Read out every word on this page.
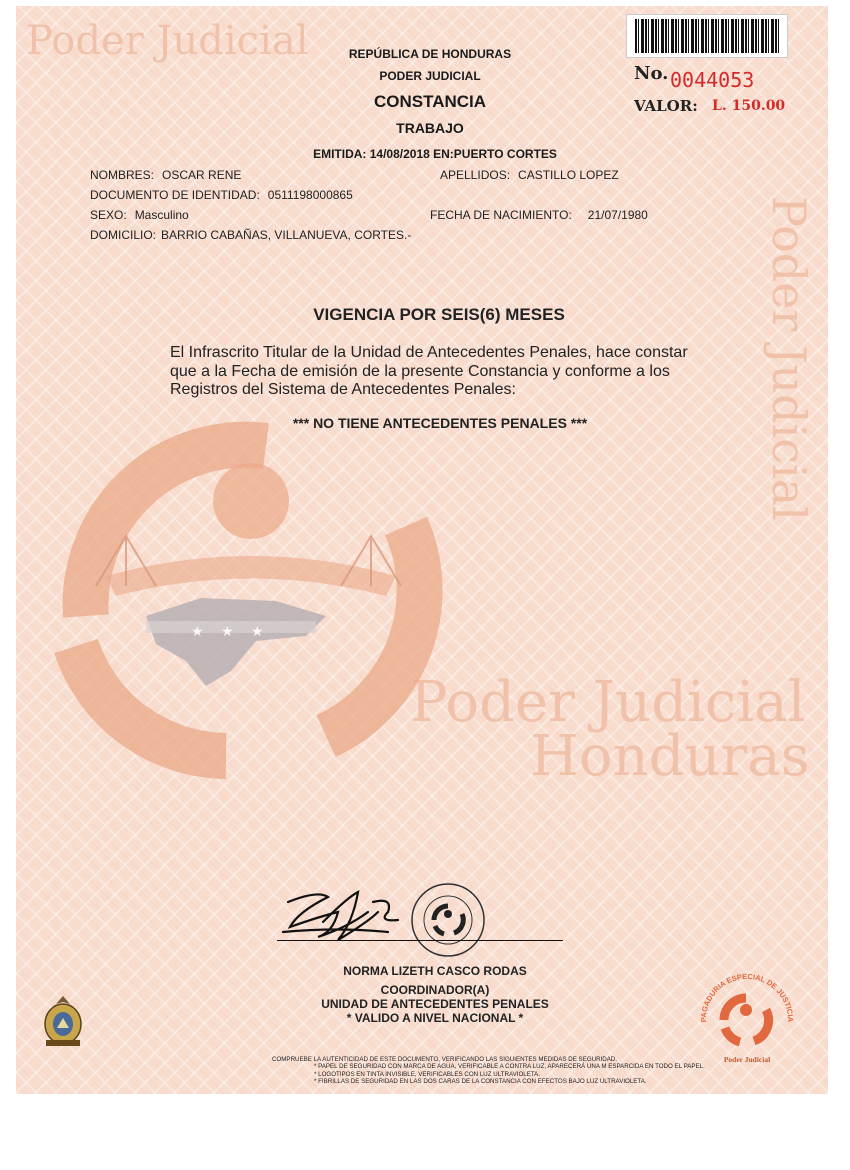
Poder Judicial
Poder Judicial
Poder Judicial
Honduras
★ ★ ★
No. 0044053
VALOR: L. 150.00
REPÚBLICA DE HONDURAS
PODER JUDICIAL
CONSTANCIA
TRABAJO
EMITIDA: 14/08/2018 EN:PUERTO CORTES
NOMBRES: OSCAR RENE	APELLIDOS: CASTILLO LOPEZ
DOCUMENTO DE IDENTIDAD: 0511198000865
SEXO: Masculino	FECHA DE NACIMIENTO: 21/07/1980
DOMICILIO: BARRIO CABAÑAS, VILLANUEVA, CORTES.-
VIGENCIA POR SEIS(6) MESES
El Infrascrito Titular de la Unidad de Antecedentes Penales, hace constar
que a la Fecha de emisión de la presente Constancia y conforme a los
Registros del Sistema de Antecedentes Penales:
*** NO TIENE ANTECEDENTES PENALES ***
NORMA LIZETH CASCO RODAS
COORDINADOR(A)
UNIDAD DE ANTECEDENTES PENALES
* VALIDO A NIVEL NACIONAL *	PAGADURIA ESPECIAL DE JUSTICIA
Poder Judicial
COMPRUEBE LA AUTENTICIDAD DE ESTE DOCUMENTO, VERIFICANDO LAS SIGUIENTES MEDIDAS DE SEGURIDAD.
* PAPEL DE SEGURIDAD CON MARCA DE AGUA, VERIFICABLE A CONTRA LUZ, APARECERÁ UNA M ESPARCIDA EN TODO EL PAPEL.
* LOGOTIPOS EN TINTA INVISIBLE, VERIFICABLES CON LUZ ULTRAVIOLETA.
* FIBRILLAS DE SEGURIDAD EN LAS DOS CARAS DE LA CONSTANCIA CON EFECTOS BAJO LUZ ULTRAVIOLETA.
